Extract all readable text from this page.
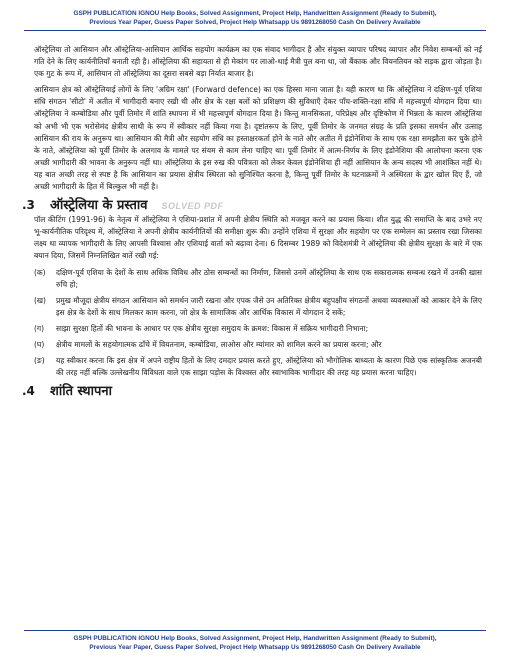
GSPH PUBLICATION IGNOU Help Books, Solved Assignment, Project Help, Handwritten Assignment (Ready to Submit),
Previous Year Paper, Guess Paper Solved, Project Help Whatsapp Us 9891268050 Cash On Delivery Available

ऑस्ट्रेलिया तो आसियान और ऑस्ट्रेलिया-आसियान आर्थिक सहयोग कार्यक्रम का एक संवाद भागीदार है और संयुक्त व्यापार परिषद व्यापार और निवेश सम्बन्धों को नई गति देने के लिए कार्यनीतियाँ बनाती रही है। ऑस्ट्रेलिया की सहायता से ही मेकांग पर लाओ-थाई मैत्री पुल बना था, जो बैंकाक और वियनतियन को सड़क द्वारा जोड़ता है। एक गुट के रूप में, आसियान तो ऑस्ट्रेलिया का दूसरा सबसे बड़ा निर्यात बाजार है।

आसियान क्षेत्र को ऑस्ट्रेलियाई लोगों के लिए 'अग्रिम रक्षा' (Forward defence) का एक हिस्सा माना जाता है। यही कारण था कि ऑस्ट्रेलिया ने दक्षिण-पूर्व एशिया संधि संगठन 'सीटो' में अतीत में भागीदारी बनाए रखी थी और क्षेत्र के रक्षा बलों को प्रशिक्षण की सुविधाएँ देकर पाँच-शक्ति-रक्षा संधि में महत्त्वपूर्ण योगदान दिया था। ऑस्ट्रेलिया ने कम्बोडिया और पूर्वी तिमोर में शांति स्थापना में भी महत्त्वपूर्ण योगदान दिया है। किन्तु मानसिकता, परिप्रेक्ष्य और दृष्टिकोण में भिन्नता के कारण ऑस्ट्रेलिया को अभी भी एक भरोसेमंद क्षेत्रीय साथी के रूप में स्वीकार नहीं किया गया है। दृष्टांतरूप के लिए, पूर्वी तिमोर के जनमत संग्रह के प्रति इसका समर्थन और उत्साह आसियान की राय के अनुरूप था। आसियान की मैत्री और सहयोग संधि का हस्ताक्षरकर्ता होने के नाते और अतीत में इंडोनेशिया के साथ एक रक्षा समझौता कर चुके होने के नाते, ऑस्ट्रेलिया को पूर्वी तिमोर के अलगाव के मामले पर संयम से काम लेना चाहिए था। पूर्वी तिमोर में आत्म-निर्णय के लिए इंडोनेशिया की आलोचना करना एक अच्छी भागीदारी की भावना के अनुरूप नहीं था। ऑस्ट्रेलिया के इस रुख की पवित्रता को लेकर केवल इंडोनेशिया ही नहीं आसियान के अन्य सदस्य भी आशंकित नहीं थे। यह बात अच्छी तरह से स्पष्ट है कि आसियान का प्रयास क्षेत्रीय स्थिरता को सुनिश्चित करना है, किन्तु पूर्वी तिमोर के घटनाक्रमों ने अस्थिरता के द्वार खोल दिए हैं, जो अच्छी भागीदारी के हित में बिल्कुल भी नहीं है।

.3	ऑस्ट्रेलिया के प्रस्ताव SOLVED PDF

पॉल कीटिंग (1991-96) के नेतृत्व में ऑस्ट्रेलिया ने एशिया-प्रशांत में अपनी क्षेत्रीय स्थिति को मजबूत करने का प्रयास किया। शीत युद्ध की समाप्ति के बाद उभरे नए भू-कार्यनीतिक परिदृश्य में, ऑस्ट्रेलिया ने अपनी क्षेत्रीय कार्यनीतियों की समीक्षा शुरू की। उन्होंने एशिया में सुरक्षा और सहयोग पर एक सम्मेलन का प्रस्ताव रखा जिसका लक्ष्य था व्यापक भागीदारी के लिए आपसी विश्वास और एशियाई वार्ता को बढ़ावा देना। 6 दिसम्बर 1989 को विदेशमंत्री ने ऑस्ट्रेलिया की क्षेत्रीय सुरक्षा के बारे में एक बयान दिया, जिसमें निम्नलिखित बातें रखी गई:

(क)	दक्षिण-पूर्व एशिया के देशों के साथ अधिक विविध और ठोस सम्बन्धों का निर्माण, जिससे उनमें ऑस्ट्रेलिया के साथ एक सकारात्मक सम्बन्ध रखने में उनकी खास रुचि हो;
(ख)	प्रमुख मौजूदा क्षेत्रीय संगठन आसियान को समर्थन जारी रखना और एपक जैसे उन अतिरिक्त क्षेत्रीय बहुपक्षीय संगठनों अथवा व्यवस्थाओं को आकार देने के लिए इस क्षेत्र के देशों के साथ मिलकर काम करना, जो क्षेत्र के सामाजिक और आर्थिक विकास में योगदान दे सकें;
(ग)	साझा सुरक्षा हितों की भावना के आधार पर एक क्षेत्रीय सुरक्षा समुदाय के क्रमश: विकास में सक्रिय भागीदारी निभाना;
(घ)	क्षेत्रीय मामलों के सहयोगात्मक ढाँचे में वियतनाम, कम्बोडिया, लाओस और म्यांमार को शामिल करने का प्रयास करना; और
(ङ)	यह स्वीकार करना कि इस क्षेत्र में अपने राष्ट्रीय हितों के लिए दमदार प्रयास करते हुए, ऑस्ट्रेलिया को भौगोलिक बाध्यता के कारण पिछे एक सांस्कृतिक अजनबी की तरह नहीं बल्कि उल्लेखनीय विविधता वाले एक साझा पड़ोस के विश्वस्त और स्वाभाविक भागीदार की तरह यह प्रयास करना चाहिए।
.4	शांति स्थापना
GSPH PUBLICATION IGNOU Help Books, Solved Assignment, Project Help, Handwritten Assignment (Ready to Submit),
Previous Year Paper, Guess Paper Solved, Project Help Whatsapp Us 9891268050 Cash On Delivery Available
